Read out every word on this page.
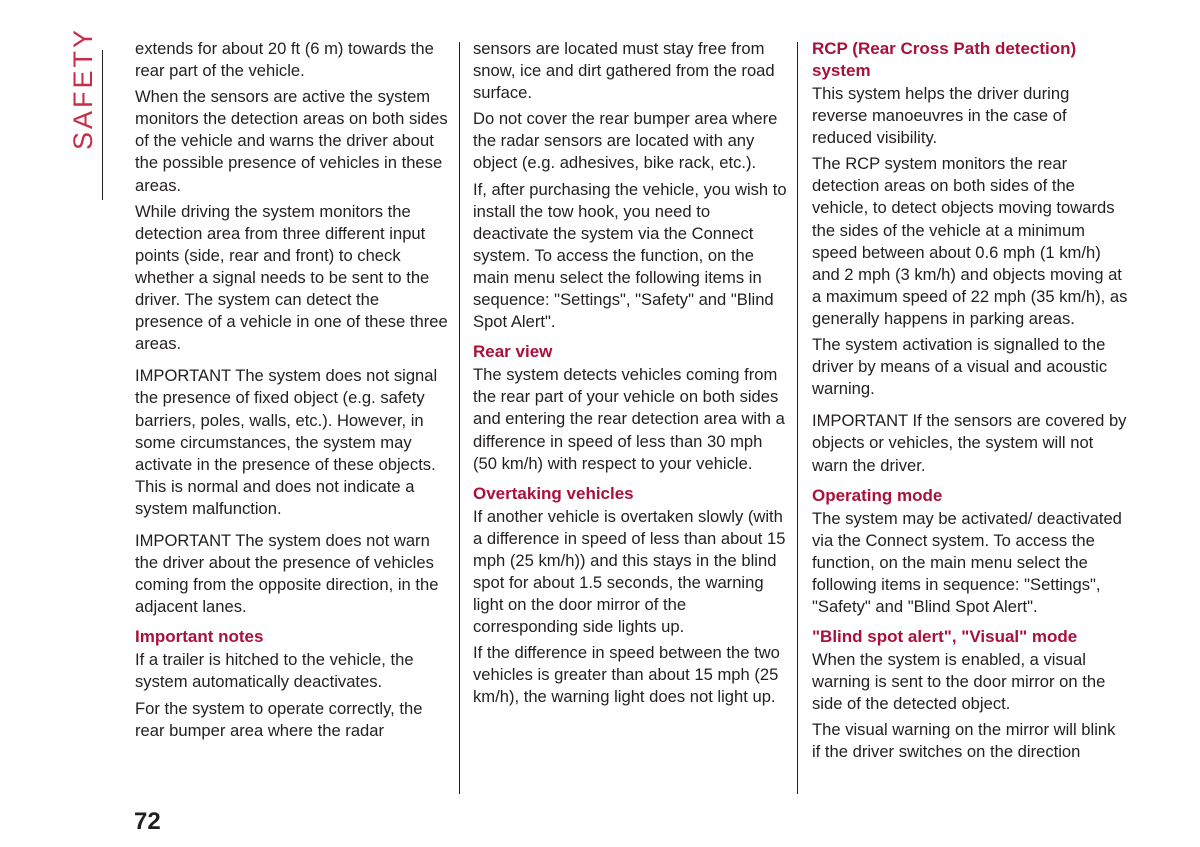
SAFETY extends for about 20 ft (6 m) towards the rear part of the vehicle.

When the sensors are active the system monitors the detection areas on both sides of the vehicle and warns the driver about the possible presence of vehicles in these areas.

While driving the system monitors the detection area from three different input points (side, rear and front) to check whether a signal needs to be sent to the driver. The system can detect the presence of a vehicle in one of these three areas.

IMPORTANT The system does not signal the presence of fixed object (e.g. safety barriers, poles, walls, etc.). However, in some circumstances, the system may activate in the presence of these objects. This is normal and does not indicate a system malfunction.

IMPORTANT The system does not warn the driver about the presence of vehicles coming from the opposite direction, in the adjacent lanes.

Important notes

If a trailer is hitched to the vehicle, the system automatically deactivates.

For the system to operate correctly, the rear bumper area where the radar

sensors are located must stay free from snow, ice and dirt gathered from the road surface.

Do not cover the rear bumper area where the radar sensors are located with any object (e.g. adhesives, bike rack, etc.).

If, after purchasing the vehicle, you wish to install the tow hook, you need to deactivate the system via the Connect system. To access the function, on the main menu select the following items in sequence: "Settings", "Safety" and "Blind Spot Alert".

Rear view

The system detects vehicles coming from the rear part of your vehicle on both sides and entering the rear detection area with a difference in speed of less than 30 mph (50 km/h) with respect to your vehicle.

Overtaking vehicles

If another vehicle is overtaken slowly (with a difference in speed of less than about 15 mph (25 km/h)) and this stays in the blind spot for about 1.5 seconds, the warning light on the door mirror of the corresponding side lights up.

If the difference in speed between the two vehicles is greater than about 15 mph (25 km/h), the warning light does not light up.

RCP (Rear Cross Path detection) system

This system helps the driver during reverse manoeuvres in the case of reduced visibility.

The RCP system monitors the rear detection areas on both sides of the vehicle, to detect objects moving towards the sides of the vehicle at a minimum speed between about 0.6 mph (1 km/h) and 2 mph (3 km/h) and objects moving at a maximum speed of 22 mph (35 km/h), as generally happens in parking areas.

The system activation is signalled to the driver by means of a visual and acoustic warning.

IMPORTANT If the sensors are covered by objects or vehicles, the system will not warn the driver.

Operating mode

The system may be activated/ deactivated via the Connect system. To access the function, on the main menu select the following items in sequence: "Settings", "Safety" and "Blind Spot Alert".

"Blind spot alert", "Visual" mode

When the system is enabled, a visual warning is sent to the door mirror on the side of the detected object.

The visual warning on the mirror will blink if the driver switches on the direction

72
